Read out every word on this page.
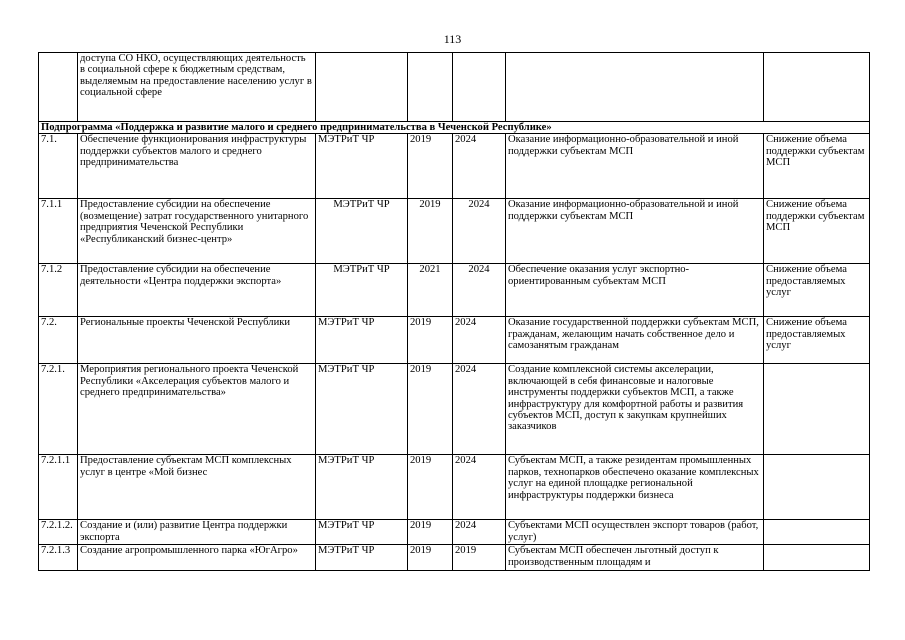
113
	доступа СО НКО, осуществляющих деятельность в социальной сфере к бюджетным средствам, выделяемым на предоставление населению услуг в социальной сфере					
Подпрограмма «Поддержка и развитие малого и среднего предпринимательства в Чеченской Республике»						
7.1.	Обеспечение функционирования инфраструктуры поддержки субъектов малого и среднего предпринимательства	МЭТРиТ ЧР	2019	2024	Оказание информационно-образовательной и иной поддержки субъектам МСП	Снижение объема поддержки субъектам МСП
7.1.1	Предоставление субсидии на обеспечение (возмещение) затрат государственного унитарного предприятия Чеченской Республики «Республиканский бизнес-центр»	МЭТРиТ ЧР	2019	2024	Оказание информационно-образовательной и иной поддержки субъектам МСП	Снижение объема поддержки субъектам МСП
7.1.2	Предоставление субсидии на обеспечение деятельности «Центра поддержки экспорта»	МЭТРиТ ЧР	2021	2024	Обеспечение оказания услуг экспортно-ориентированным субъектам МСП	Снижение объема предоставляемых услуг
7.2.	Региональные проекты Чеченской Республики	МЭТРиТ ЧР	2019	2024	Оказание государственной поддержки субъектам МСП, гражданам, желающим начать собственное дело и самозанятым гражданам	Снижение объема предоставляемых услуг
7.2.1.	Мероприятия регионального проекта Чеченской Республики «Акселерация субъектов малого и среднего предпринимательства»	МЭТРиТ ЧР	2019	2024	Создание комплексной системы акселерации, включающей в себя финансовые и налоговые инструменты поддержки субъектов МСП, а также инфраструктуру для комфортной работы и развития субъектов МСП, доступ к закупкам крупнейших заказчиков	
7.2.1.1	Предоставление субъектам МСП комплексных услуг в центре «Мой бизнес	МЭТРиТ ЧР	2019	2024	Субъектам МСП, а также резидентам промышленных парков, технопарков обеспечено оказание комплексных услуг на единой площадке региональной инфраструктуры поддержки бизнеса	
7.2.1.2.	Создание и (или) развитие Центра поддержки экспорта	МЭТРиТ ЧР	2019	2024	Субъектами МСП осуществлен экспорт товаров (работ, услуг)	
7.2.1.3	Создание агропромышленного парка «ЮгАгро»	МЭТРиТ ЧР	2019	2019	Субъектам МСП обеспечен льготный доступ к производственным площадям и	
